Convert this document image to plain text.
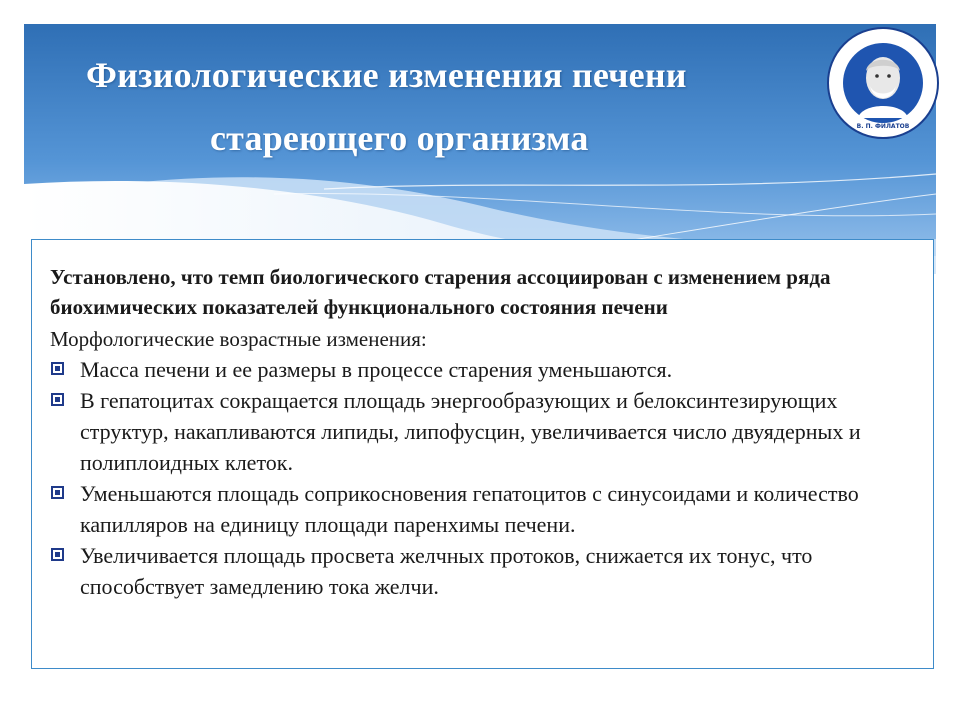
Физиологические изменения печени
стареющего организма	В. П. ФИЛАТОВ

Установлено, что темп биологического старения ассоциирован с изменением ряда биохимических показателей функционального состояния печени

Морфологические возрастные изменения:

Масса печени и ее размеры в процессе старения уменьшаются.
В гепатоцитах сокращается площадь энергообразующих и белоксинтезирующих структур, накапливаются липиды, липофусцин, увеличивается число двуядерных и полиплоидных клеток.
Уменьшаются площадь соприкосновения гепатоцитов с синусоидами и количество капилляров на единицу площади паренхимы печени.
Увеличивается площадь просвета желчных протоков, снижается их тонус, что способствует замедлению тока желчи.
